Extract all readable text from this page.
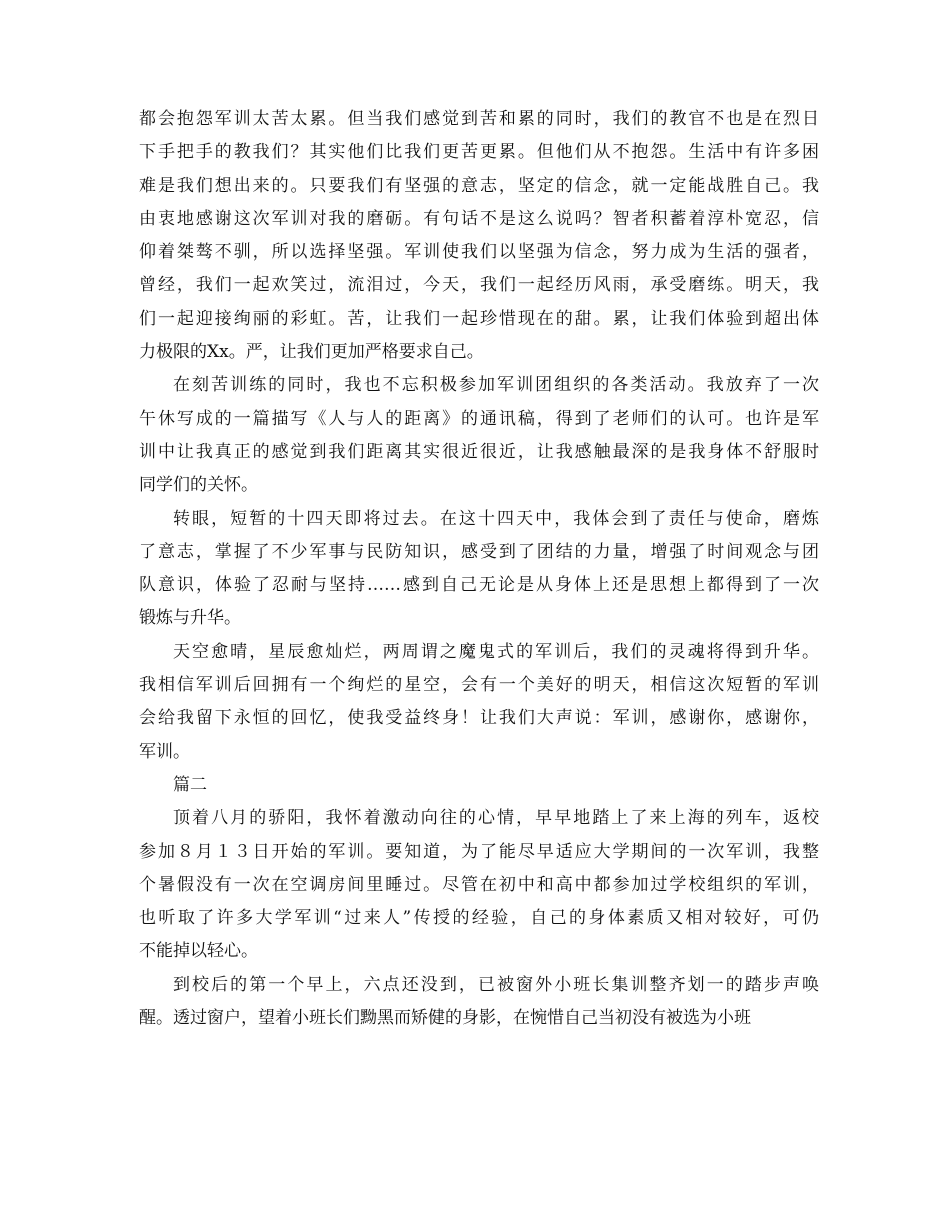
都会抱怨军训太苦太累。但当我们感觉到苦和累的同时，我们的教官不也是在烈日
下手把手的教我们？其实他们比我们更苦更累。但他们从不抱怨。生活中有许多困
难是我们想出来的。只要我们有坚强的意志，坚定的信念，就一定能战胜自己。我
由衷地感谢这次军训对我的磨砺。有句话不是这么说吗？智者积蓄着淳朴宽忍，信
仰着桀骜不驯，所以选择坚强。军训使我们以坚强为信念，努力成为生活的强者，
曾经，我们一起欢笑过，流泪过，今天，我们一起经历风雨，承受磨练。明天，我
们一起迎接绚丽的彩虹。苦，让我们一起珍惜现在的甜。累，让我们体验到超出体
力极限的Xx。严，让我们更加严格要求自己。
在刻苦训练的同时，我也不忘积极参加军训团组织的各类活动。我放弃了一次
午休写成的一篇描写《人与人的距离》的通讯稿，得到了老师们的认可。也许是军
训中让我真正的感觉到我们距离其实很近很近，让我感触最深的是我身体不舒服时
同学们的关怀。
转眼，短暂的十四天即将过去。在这十四天中，我体会到了责任与使命，磨炼
了意志，掌握了不少军事与民防知识，感受到了团结的力量，增强了时间观念与团
队意识，体验了忍耐与坚持……感到自己无论是从身体上还是思想上都得到了一次
锻炼与升华。
天空愈晴，星辰愈灿烂，两周谓之魔鬼式的军训后，我们的灵魂将得到升华。
我相信军训后回拥有一个绚烂的星空，会有一个美好的明天，相信这次短暂的军训
会给我留下永恒的回忆，使我受益终身！让我们大声说：军训，感谢你，感谢你，
军训。
篇二
顶着八月的骄阳，我怀着激动向往的心情，早早地踏上了来上海的列车，返校
参加８月１３日开始的军训。要知道，为了能尽早适应大学期间的一次军训，我整
个暑假没有一次在空调房间里睡过。尽管在初中和高中都参加过学校组织的军训，
也听取了许多大学军训“过来人”传授的经验，自己的身体素质又相对较好，可仍
不能掉以轻心。
到校后的第一个早上，六点还没到，已被窗外小班长集训整齐划一的踏步声唤
醒。透过窗户，望着小班长们黝黑而矫健的身影，在惋惜自己当初没有被选为小班
